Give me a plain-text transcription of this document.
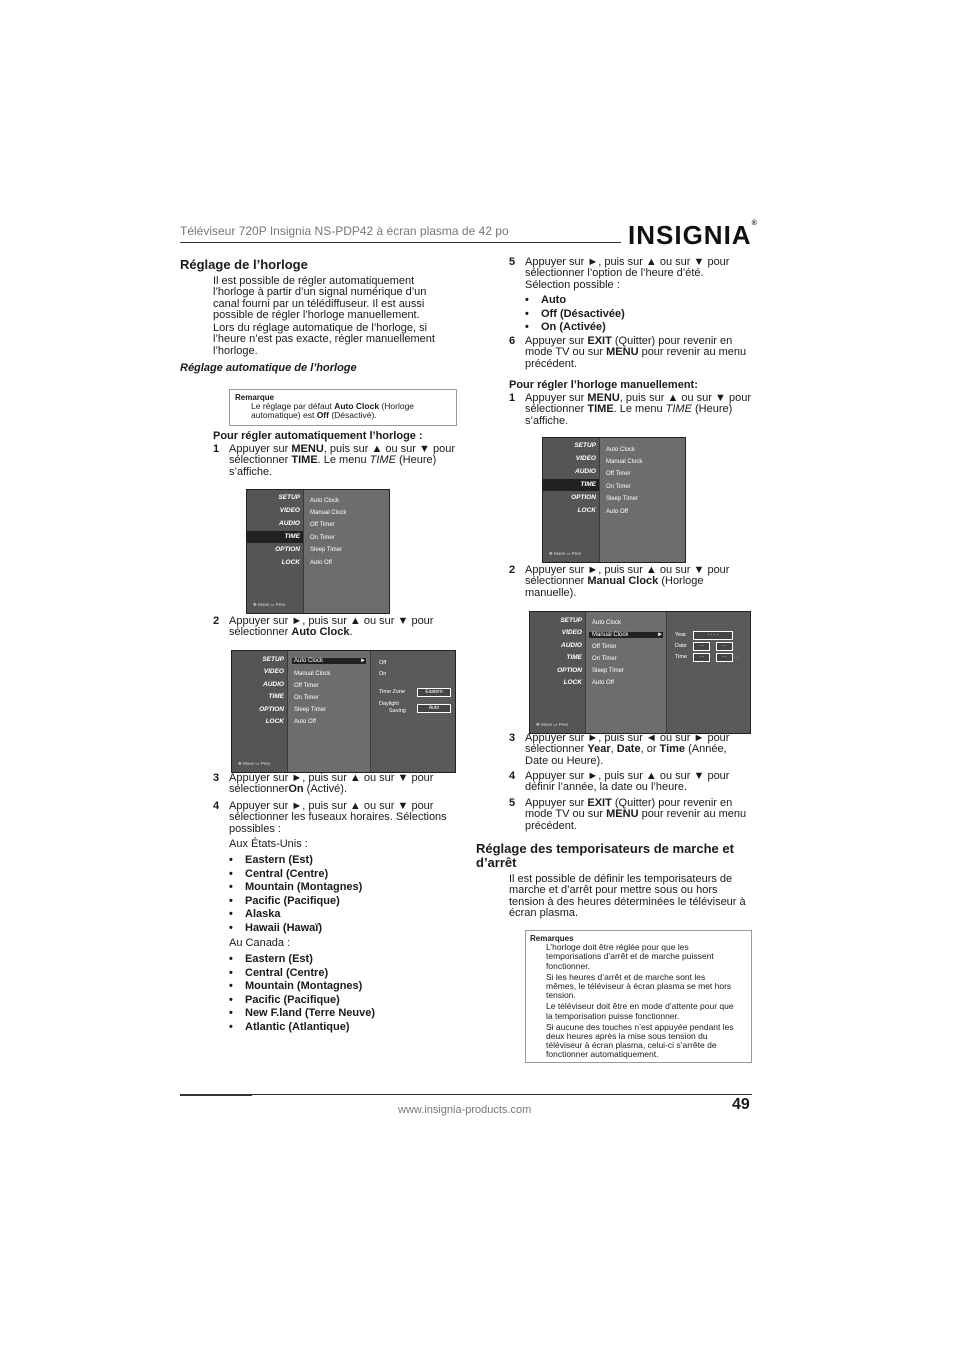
Téléviseur 720P Insignia NS-PDP42 à écran plasma de 42 po	INSIGNIA®
Réglage de l’horloge
Il est possible de régler automatiquement
l’horloge à partir d’un signal numérique d’un
canal fourni par un télédiffuseur. Il est aussi
possible de régler l’horloge manuellement.
Lors du réglage automatique de l’horloge, si
l’heure n’est pas exacte, régler manuellement
l’horloge.
Réglage automatique de l’horloge
Remarque
Le réglage par défaut Auto Clock (Horloge
automatique) est Off (Désactivé).
Pour régler automatiquement l’horloge :
1 Appuyer sur MENU, puis sur ▲ ou sur ▼ pour
sélectionner TIME. Le menu TIME (Heure)
s’affiche.
SETUP
VIDEO
AUDIO
TIME
OPTION
LOCK
✥ Move ▭ Prev
Auto Clock
Manual Clock
Off Timer
On Timer
Sleep Timer
Auto Off
2 Appuyer sur ►, puis sur ▲ ou sur ▼ pour
sélectionner Auto Clock.
SETUP
VIDEO
AUDIO
TIME
OPTION
LOCK
✥ Move ▭ Prev
Auto Clock	►
Manual Clock
Off Timer
On Timer
Sleep Timer
Auto Off
Off
On
Time Zone	Eastern
Daylight
Saving	Auto
3 Appuyer sur ►, puis sur ▲ ou sur ▼ pour
sélectionnerOn (Activé).
4 Appuyer sur ►, puis sur ▲ ou sur ▼ pour
sélectionner les fuseaux horaires. Sélections
possibles :
Aux États-Unis :
• Eastern (Est)
• Central (Centre)
• Mountain (Montagnes)
• Pacific (Pacifique)
• Alaska
• Hawaii (Hawaï)
Au Canada :
• Eastern (Est)
• Central (Centre)
• Mountain (Montagnes)
• Pacific (Pacifique)
• New F.land (Terre Neuve)
• Atlantic (Atlantique)
5 Appuyer sur ►, puis sur ▲ ou sur ▼ pour
sélectionner l’option de l’heure d’été.
Sélection possible :
• Auto
• Off (Désactivée)
• On (Activée)
6 Appuyer sur EXIT (Quitter) pour revenir en
mode TV ou sur MENU pour revenir au menu
précédent.
Pour régler l’horloge manuellement:
1 Appuyer sur MENU, puis sur ▲ ou sur ▼ pour
sélectionner TIME. Le menu TIME (Heure)
s’affiche.
SETUP
VIDEO
AUDIO
TIME
OPTION
LOCK
✥ Move ▭ Prev
Auto Clock
Manual Clock
Off Timer
On Timer
Sleep Timer
Auto Off
2 Appuyer sur ►, puis sur ▲ ou sur ▼ pour
sélectionner Manual Clock (Horloge
manuelle).
SETUP
VIDEO
AUDIO
TIME
OPTION
LOCK
✥ Move ▭ Prev
Auto Clock
Manual Clock	►
Off Timer
On Timer
Sleep Timer
Auto Off
Year	- - - -
Date	- -	- -
Time	- -	- -	. .
3 Appuyer sur ►, puis sur ◄ ou sur ► pour
sélectionner Year, Date, or Time (Année,
Date ou Heure).
4 Appuyer sur ►, puis sur ▲ ou sur ▼ pour
définir l’année, la date ou l’heure.
5 Appuyer sur EXIT (Quitter) pour revenir en
mode TV ou sur MENU pour revenir au menu
précédent.
Réglage des temporisateurs de marche et
d’arrêt
Il est possible de définir les temporisateurs de
marche et d’arrêt pour mettre sous ou hors
tension à des heures déterminées le téléviseur à
écran plasma.
Remarques
L’horloge doit être réglée pour que les
temporisations d’arrêt et de marche puissent
fonctionner.
Si les heures d’arrêt et de marche sont les
mêmes, le téléviseur à écran plasma se met hors
tension.
Le téléviseur doit être en mode d’attente pour que
la temporisation puisse fonctionner.
Si aucune des touches n’est appuyée pendant les
deux heures après la mise sous tension du
téléviseur à écran plasma, celui-ci s’arrête de
fonctionner automatiquement.
www.insignia-products.com	49
